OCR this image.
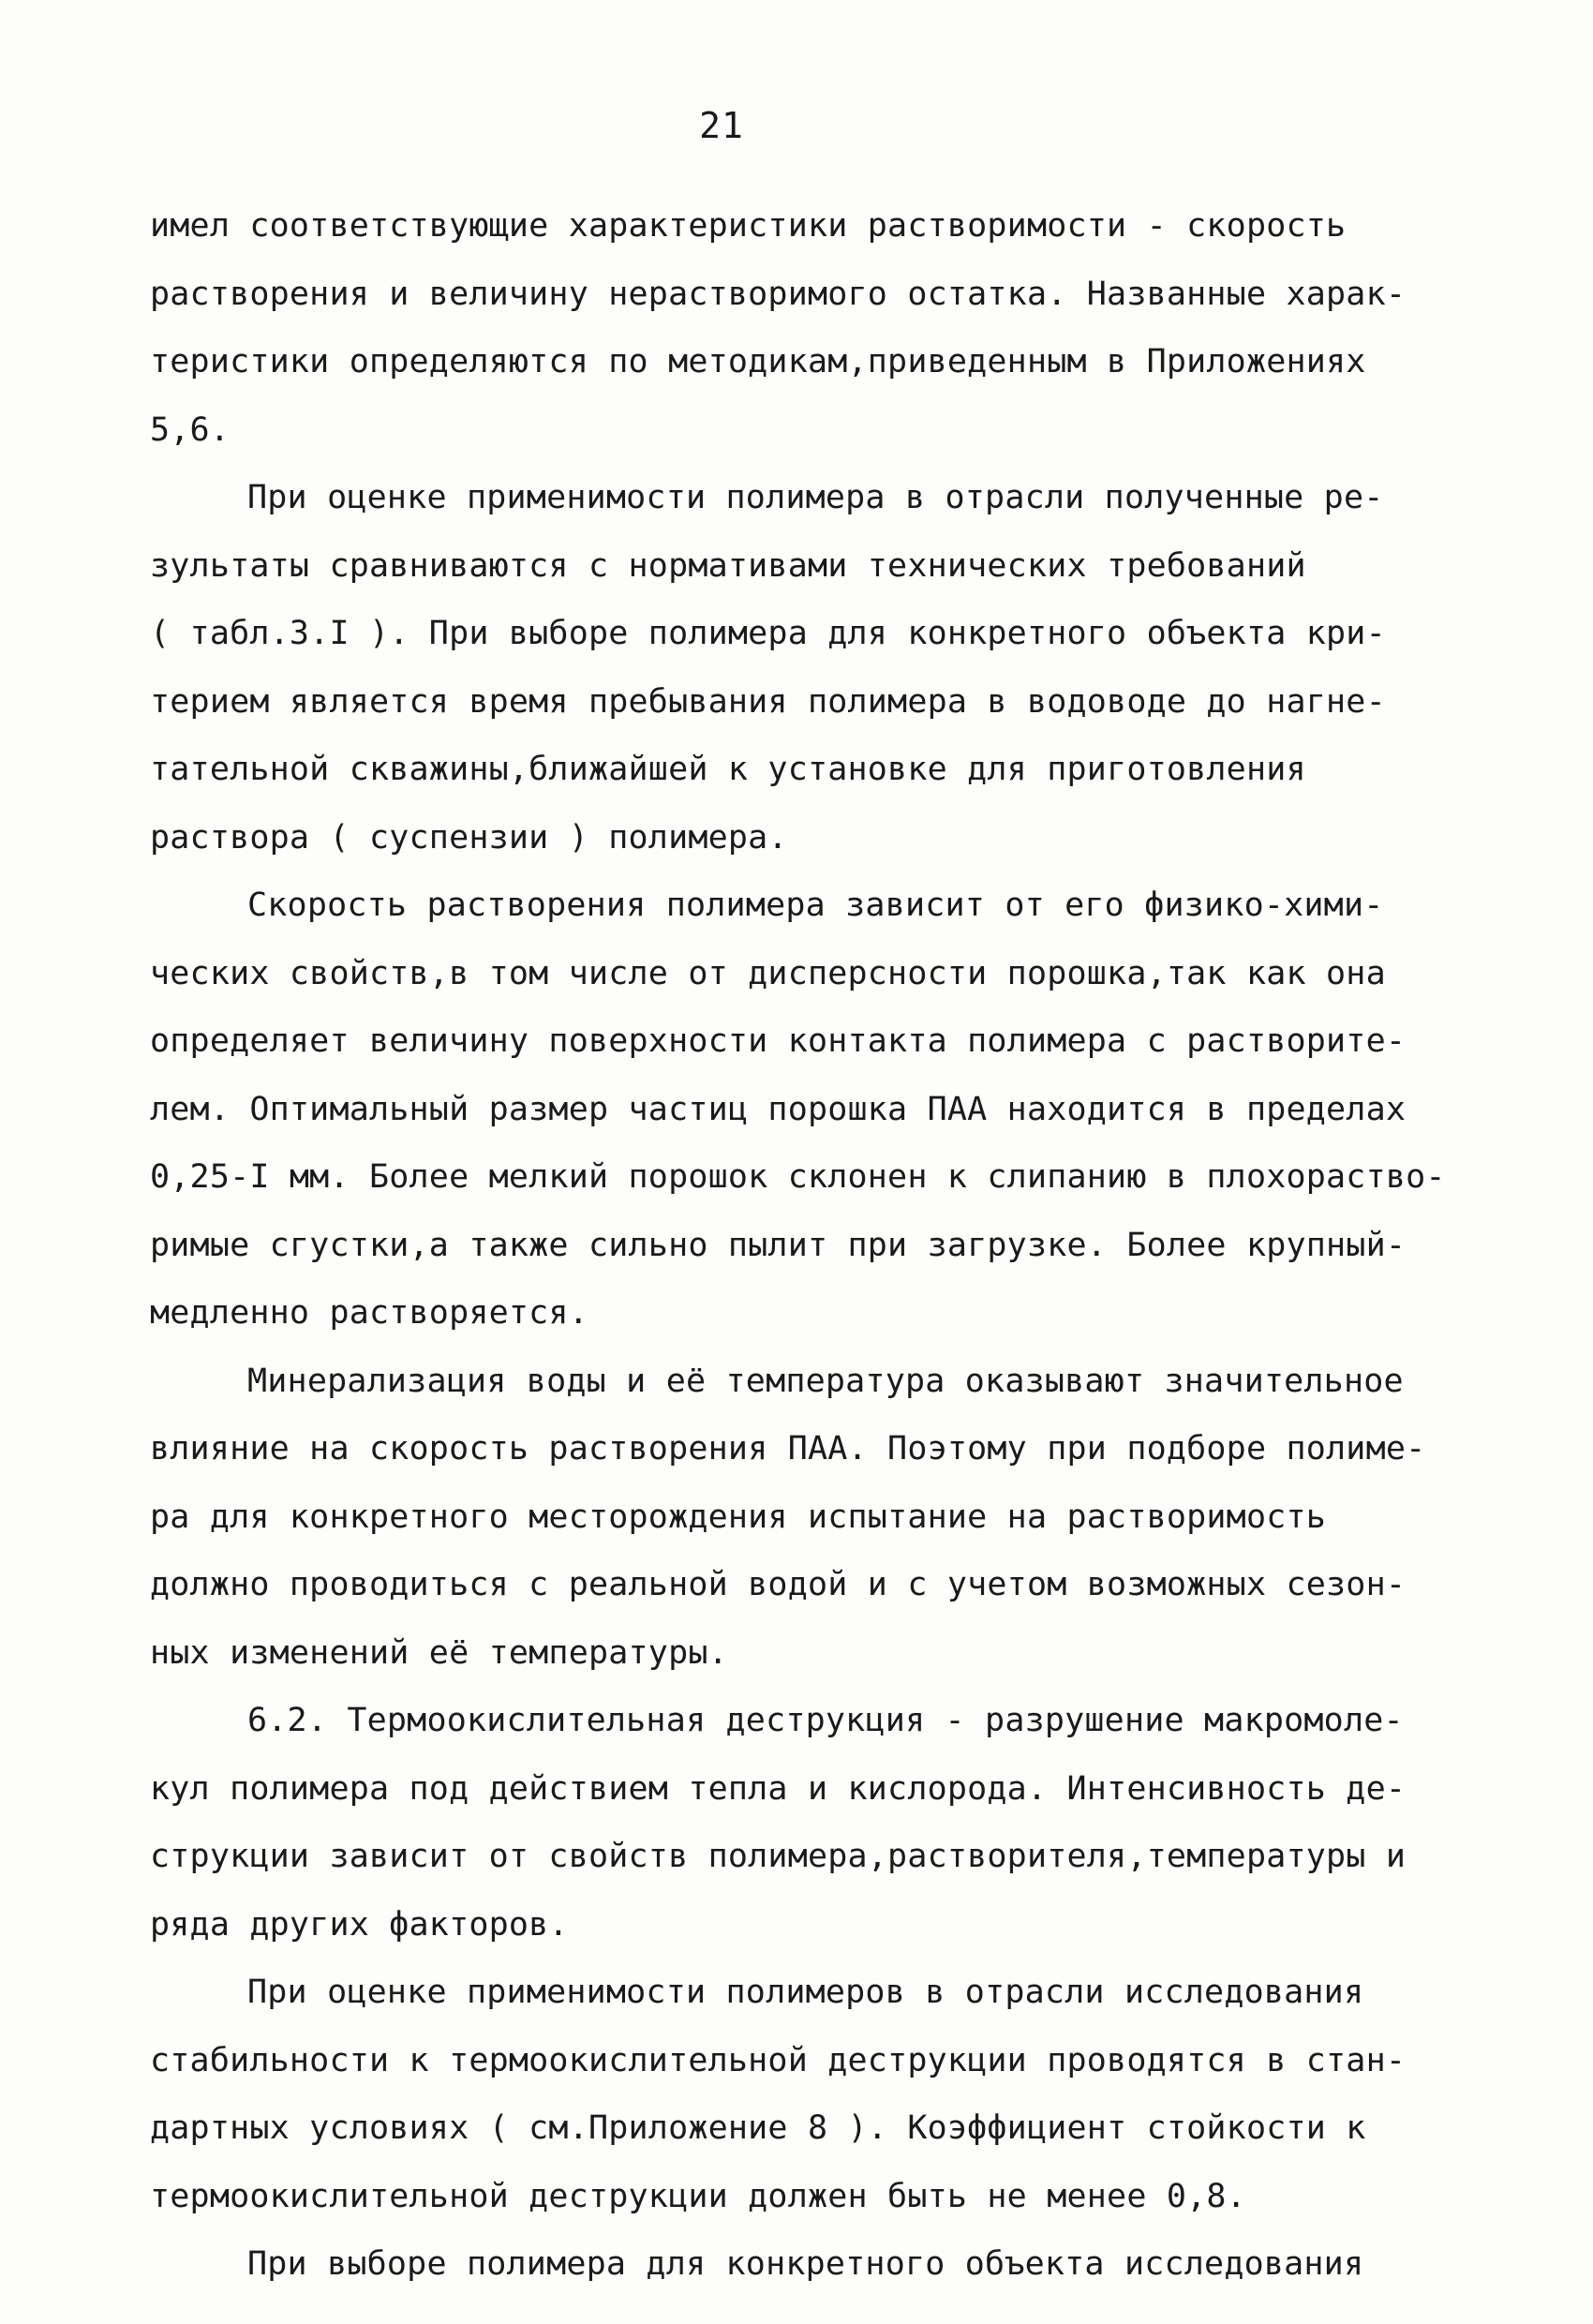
21
имел соответствующие характеристики растворимости - скорость
растворения и величину нерастворимого остатка. Названные харак-
теристики определяются по методикам,приведенным в Приложениях
5,6.
При оценке применимости полимера в отрасли полученные ре-
зультаты сравниваются с нормативами технических требований
( табл.3.I ). При выборе полимера для конкретного объекта кри-
терием является время пребывания полимера в водоводе до нагне-
тательной скважины,ближайшей к установке для приготовления
раствора ( суспензии ) полимера.
Скорость растворения полимера зависит от его физико-хими-
ческих свойств,в том числе от дисперсности порошка,так как она
определяет величину поверхности контакта полимера с растворите-
лем. Оптимальный размер частиц порошка ПАА находится в пределах
0,25-I мм. Более мелкий порошок склонен к слипанию в плохораство-
римые сгустки,а также сильно пылит при загрузке. Более крупный-
медленно растворяется.
Минерализация воды и её температура оказывают значительное
влияние на скорость растворения ПАА. Поэтому при подборе полиме-
ра для конкретного месторождения испытание на растворимость
должно проводиться с реальной водой и с учетом возможных сезон-
ных изменений её температуры.
6.2. Термоокислительная деструкция - разрушение макромоле-
кул полимера под действием тепла и кислорода. Интенсивность де-
струкции зависит от свойств полимера,растворителя,температуры и
ряда других факторов.
При оценке применимости полимеров в отрасли исследования
стабильности к термоокислительной деструкции проводятся в стан-
дартных условиях ( см.Приложение 8 ). Коэффициент стойкости к
термоокислительной деструкции должен быть не менее 0,8.
При выборе полимера для конкретного объекта исследования
